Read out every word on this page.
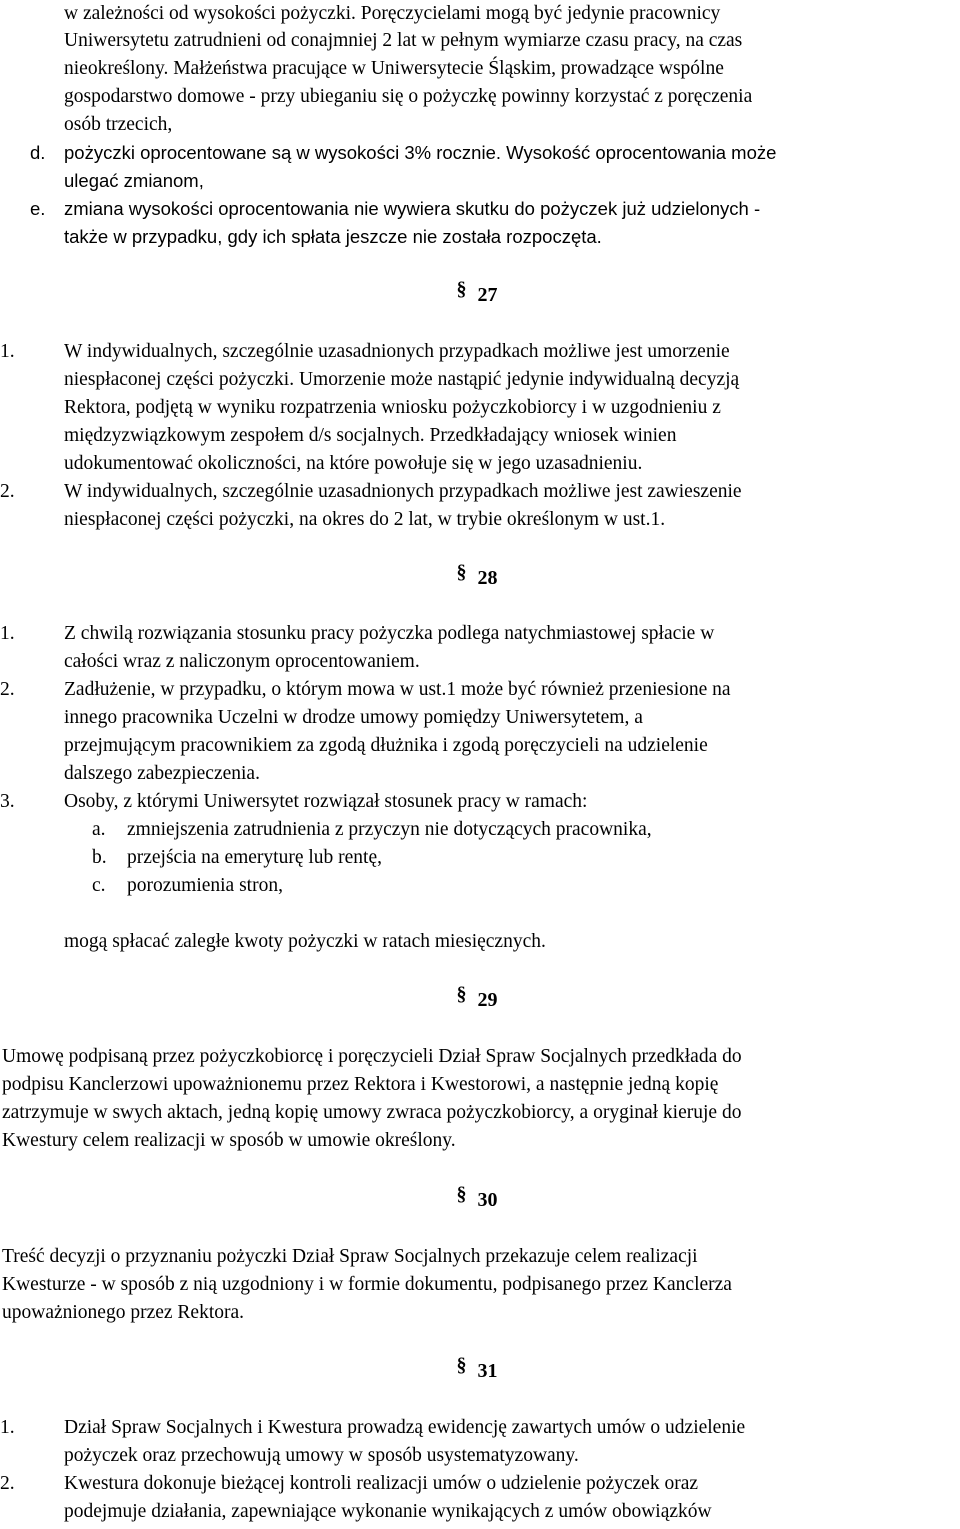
w zależności od wysokości pożyczki. Poręczycielami mogą być jedynie pracownicy
Uniwersytetu zatrudnieni od conajmniej 2 lat w pełnym wymiarze czasu pracy, na czas
nieokreślony. Małżeństwa pracujące w Uniwersytecie Śląskim, prowadzące wspólne
gospodarstwo domowe - przy ubieganiu się o pożyczkę powinny korzystać z poręczenia
osób trzecich,
d. pożyczki oprocentowane są w wysokości 3% rocznie. Wysokość oprocentowania może
ulegać zmianom,
e. zmiana wysokości oprocentowania nie wywiera skutku do pożyczek już udzielonych -
także w przypadku, gdy ich spłata jeszcze nie została rozpoczęta.
§ 27
1.	W indywidualnych, szczególnie uzasadnionych przypadkach możliwe jest umorzenie
niespłaconej części pożyczki. Umorzenie może nastąpić jedynie indywidualną decyzją
Rektora, podjętą w wyniku rozpatrzenia wniosku pożyczkobiorcy i w uzgodnieniu z
międzyzwiązkowym zespołem d/s socjalnych. Przedkładający wniosek winien
udokumentować okoliczności, na które powołuje się w jego uzasadnieniu.
2.	W indywidualnych, szczególnie uzasadnionych przypadkach możliwe jest zawieszenie
niespłaconej części pożyczki, na okres do 2 lat, w trybie określonym w ust.1.
§ 28
1.	Z chwilą rozwiązania stosunku pracy pożyczka podlega natychmiastowej spłacie w
całości wraz z naliczonym oprocentowaniem.
2.	Zadłużenie, w przypadku, o którym mowa w ust.1 może być również przeniesione na
innego pracownika Uczelni w drodze umowy pomiędzy Uniwersytetem, a
przejmującym pracownikiem za zgodą dłużnika i zgodą poręczycieli na udzielenie
dalszego zabezpieczenia.
3.	Osoby, z którymi Uniwersytet rozwiązał stosunek pracy w ramach:
a. zmniejszenia zatrudnienia z przyczyn nie dotyczących pracownika,
b. przejścia na emeryturę lub rentę,
c. porozumienia stron,
mogą spłacać zaległe kwoty pożyczki w ratach miesięcznych.
§ 29
Umowę podpisaną przez pożyczkobiorcę i poręczycieli Dział Spraw Socjalnych przedkłada do
podpisu Kanclerzowi upoważnionemu przez Rektora i Kwestorowi, a następnie jedną kopię
zatrzymuje w swych aktach, jedną kopię umowy zwraca pożyczkobiorcy, a oryginał kieruje do
Kwestury celem realizacji w sposób w umowie określony.
§ 30
Treść decyzji o przyznaniu pożyczki Dział Spraw Socjalnych przekazuje celem realizacji
Kwesturze - w sposób z nią uzgodniony i w formie dokumentu, podpisanego przez Kanclerza
upoważnionego przez Rektora.
§ 31
1.	Dział Spraw Socjalnych i Kwestura prowadzą ewidencję zawartych umów o udzielenie
pożyczek oraz przechowują umowy w sposób usystematyzowany.
2.	Kwestura dokonuje bieżącej kontroli realizacji umów o udzielenie pożyczek oraz
podejmuje działania, zapewniające wykonanie wynikających z umów obowiązków
